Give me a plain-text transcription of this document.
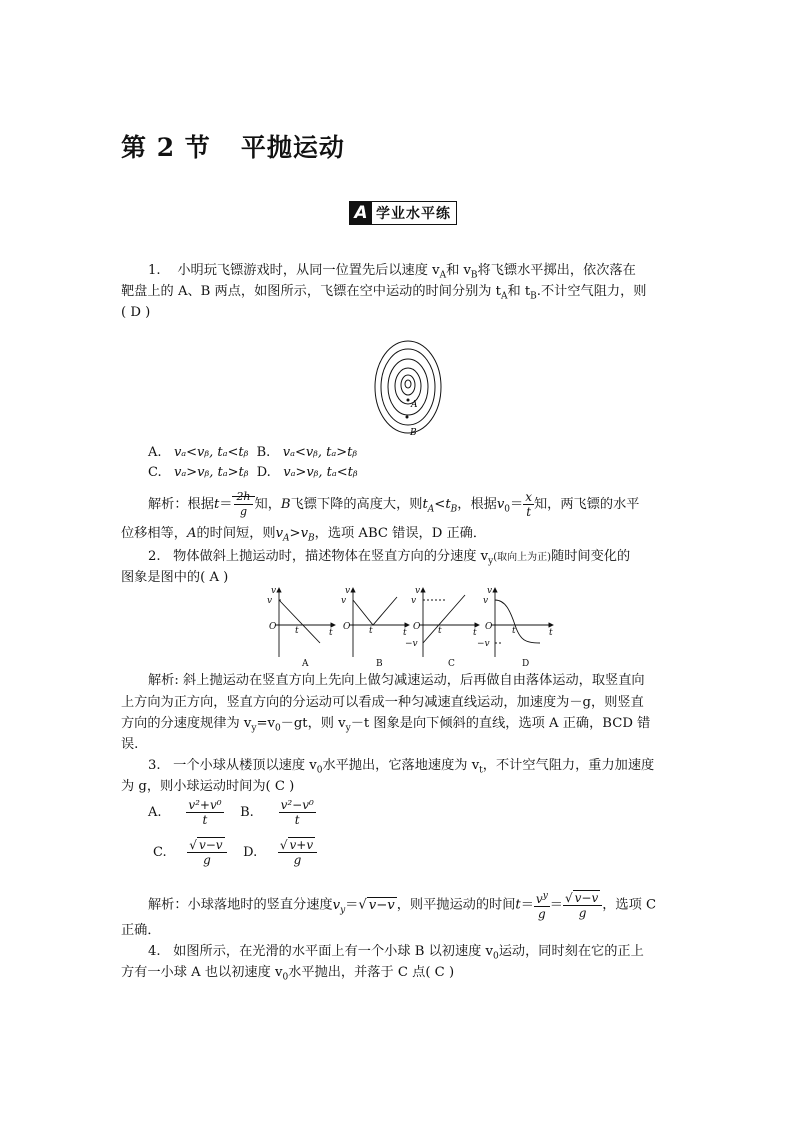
第 2 节 平抛运动
A 学业水平练
1. 小明玩飞镖游戏时，从同一位置先后以速度 $v_A$和 $v_B$将飞镖水平掷出，依次落在
靶盘上的 A、B 两点，如图所示，飞镖在空中运动的时间分别为 $t_A$和 $t_B$.不计空气阻力，则
( D )
A
B
A. vₐ<vᵦ, tₐ<tᵦ B. vₐ<vᵦ, tₐ>tᵦ
C. vₐ>vᵦ, tₐ>tᵦ D. vₐ>vᵦ, tₐ<tᵦ
解析：根据$t= \frac{2h}{g}$ 知，B飞镖下降的高度大，则$t_A<t_B$，根据$v_0= \frac{x}{t}$ 知，两飞镖的水平
位移相等，A的时间短，则$v_A>v_B$，选项 ABC 错误，D 正确．
2. 物体做斜上抛运动时，描述物体在竖直方向的分速度 $v_y$(取向上为正)随时间变化的
图象是图中的( A )
v
v
O t	t
v
v
O t	t
v
v
O t
−v
t
v
v
O t
−v
t
A	B	C	D
解析: 斜上抛运动在竖直方向上先向上做匀减速运动，后再做自由落体运动，取竖直向
上方向为正方向，竖直方向的分运动可以看成一种匀减速直线运动，加速度为－g，则竖直
方向的分速度规律为 $v_y=v_0-gt$，则 $v_y-t$ 图象是向下倾斜的直线，选项 A 正确，BCD 错
误.
3. 一个小球从楼顶以速度 $v_0$水平抛出，它落地速度为 $v_t$，不计空气阻力，重力加速度
为 g，则小球运动时间为( C )
A. $\frac{\text{v²+v⁰}}{t} B$. $\frac{\text{v²−v⁰}}{t}$
C. $\frac{√ v-v}{g} D$. $\frac{√ v+v}{g}$
解析：小球落地时的竖直分速度$v_y=√$ v−v ，则平抛运动的时间$t= \frac{v^y}{g} = \frac{√ v-v}{g}$ ，选项 C
正确．
4. 如图所示，在光滑的水平面上有一个小球 B 以初速度 $v_0$运动，同时刻在它的正上
方有一小球 A 也以初速度 $v_0$水平抛出，并落于 C 点( C )
